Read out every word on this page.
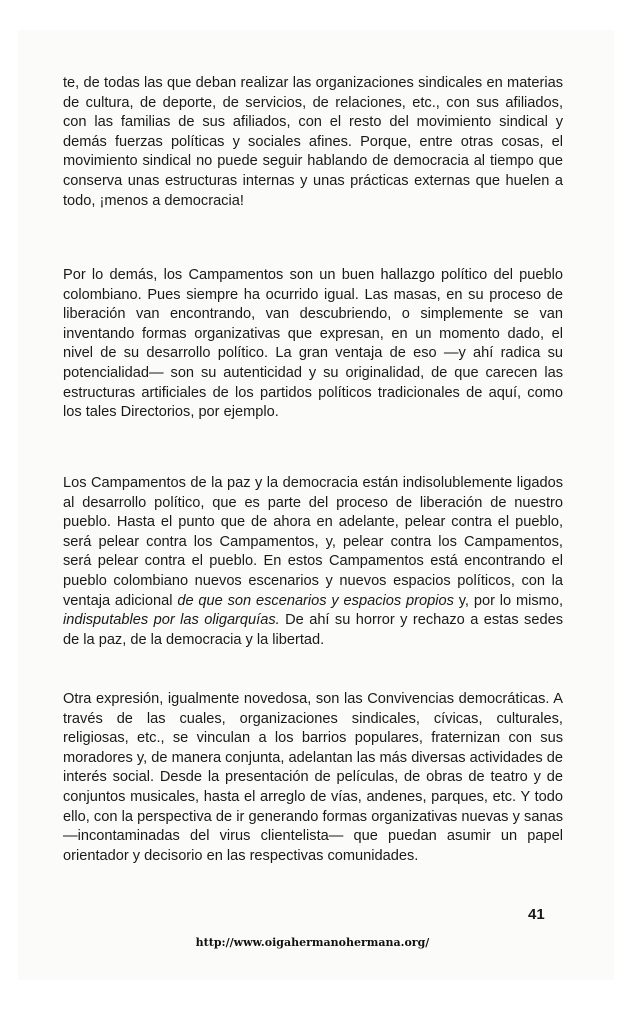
te, de todas las que deban realizar las organizaciones sindicales en materias de cultura, de deporte, de servicios, de relaciones, etc., con sus afiliados, con las familias de sus afiliados, con el resto del movimiento sindical y demás fuerzas políticas y sociales afines. Porque, entre otras cosas, el movimiento sindical no puede seguir hablando de democracia al tiempo que conserva unas estructuras internas y unas prácticas externas que huelen a todo, ¡menos a democracia!

Por lo demás, los Campamentos son un buen hallazgo político del pueblo colombiano. Pues siempre ha ocurrido igual. Las masas, en su proceso de liberación van encontrando, van descubriendo, o simplemente se van inventando formas organizativas que expresan, en un momento dado, el nivel de su desarrollo político. La gran ventaja de eso —y ahí radica su potencialidad— son su autenticidad y su originalidad, de que carecen las estructuras artificiales de los partidos políticos tradicionales de aquí, como los tales Directorios, por ejemplo.

Los Campamentos de la paz y la democracia están indisolublemente ligados al desarrollo político, que es parte del proceso de liberación de nuestro pueblo. Hasta el punto que de ahora en adelante, pelear contra el pueblo, será pelear contra los Campamentos, y, pelear contra los Campamentos, será pelear contra el pueblo. En estos Campamentos está encontrando el pueblo colombiano nuevos escenarios y nuevos espacios políticos, con la ventaja adicional de que son escenarios y espacios propios y, por lo mismo, indisputables por las oligarquías. De ahí su horror y rechazo a estas sedes de la paz, de la democracia y la libertad.

Otra expresión, igualmente novedosa, son las Convivencias democráticas. A través de las cuales, organizaciones sindicales, cívicas, culturales, religiosas, etc., se vinculan a los barrios populares, fraternizan con sus moradores y, de manera conjunta, adelantan las más diversas actividades de interés social. Desde la presentación de películas, de obras de teatro y de conjuntos musicales, hasta el arreglo de vías, andenes, parques, etc. Y todo ello, con la perspectiva de ir generando formas organizativas nuevas y sanas —incontaminadas del virus clientelista— que puedan asumir un papel orientador y decisorio en las respectivas comunidades.

41
http://www.oigahermanohermana.org/
